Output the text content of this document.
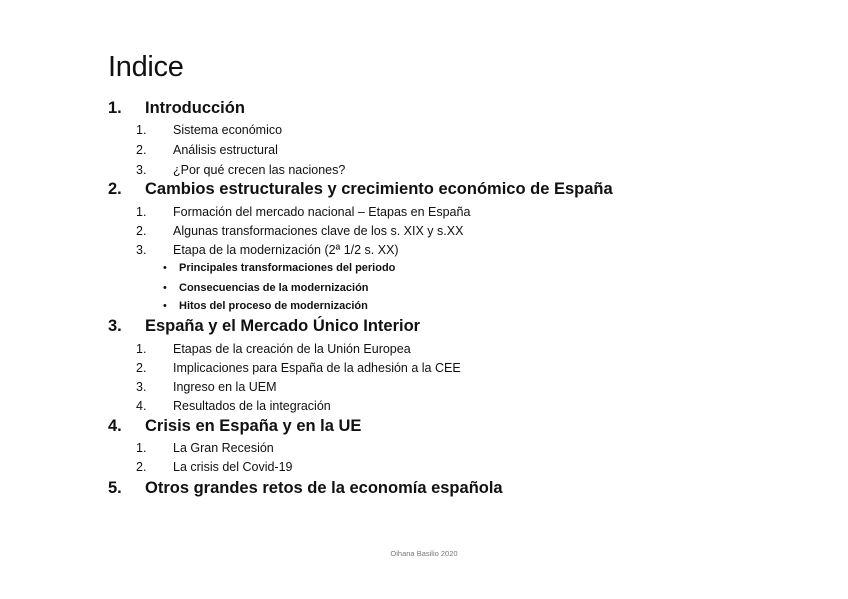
Indice
1. Introducción
1. Sistema económico
2. Análisis estructural
3. ¿Por qué crecen las naciones?
2. Cambios estructurales y crecimiento económico de España
1. Formación del mercado nacional – Etapas en España
2. Algunas transformaciones clave de los s. XIX y s.XX
3. Etapa de la modernización (2ª 1/2 s. XX)
• Principales transformaciones del periodo
• Consecuencias de la modernización
• Hitos del proceso de modernización
3. España y el Mercado Único Interior
1. Etapas de la creación de la Unión Europea
2. Implicaciones para España de la adhesión a la CEE
3. Ingreso en la UEM
4. Resultados de la integración
4. Crisis en España y en la UE
1. La Gran Recesión
2. La crisis del Covid-19
5. Otros grandes retos de la economía española
Oihana Basilio 2020
